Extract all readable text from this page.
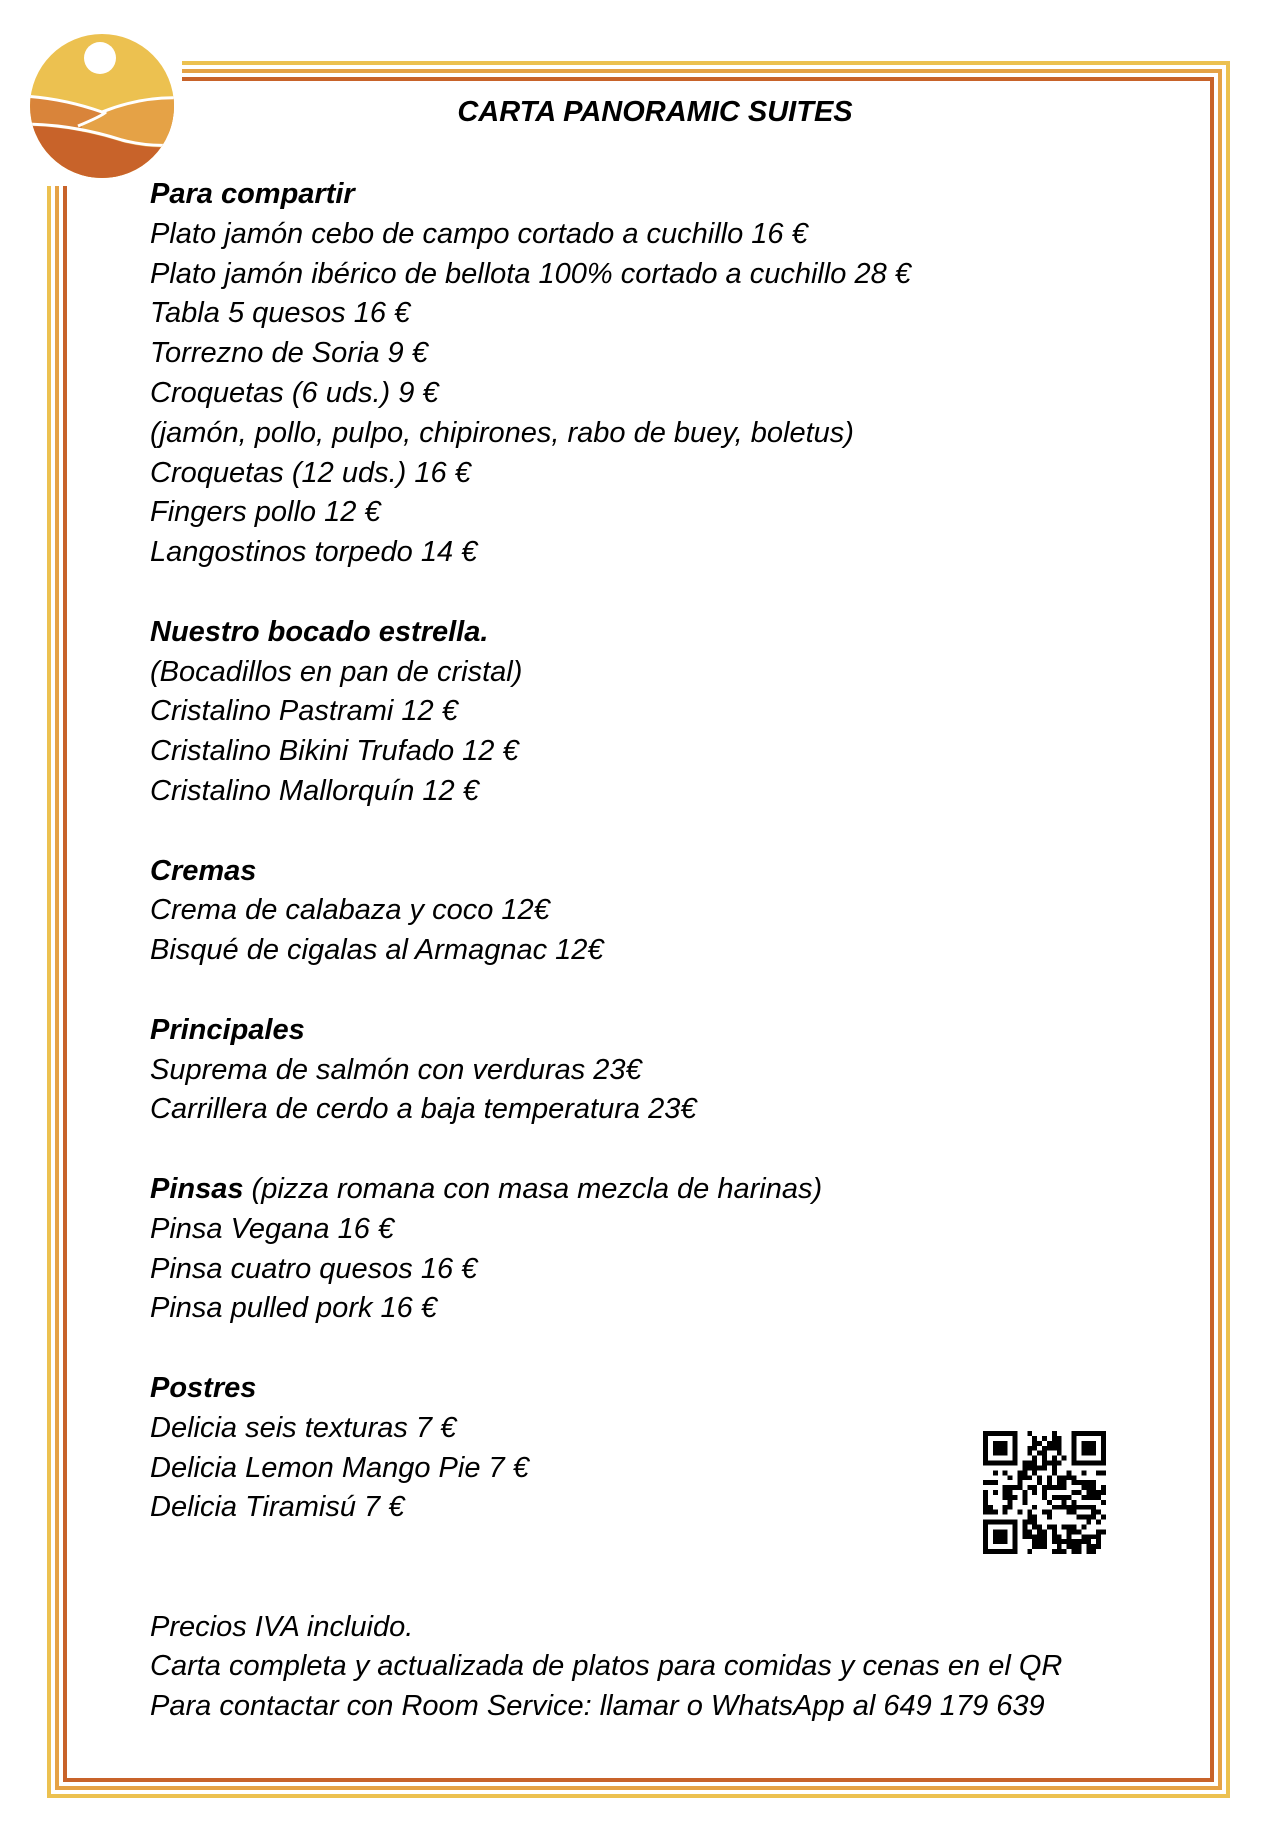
CARTA PANORAMIC SUITES
Para compartir
Plato jamón cebo de campo cortado a cuchillo 16 €
Plato jamón ibérico de bellota 100% cortado a cuchillo 28 €
Tabla 5 quesos 16 €
Torrezno de Soria 9 €
Croquetas (6 uds.) 9 €
(jamón, pollo, pulpo, chipirones, rabo de buey, boletus)
Croquetas (12 uds.) 16 €
Fingers pollo 12 €
Langostinos torpedo 14 €
Nuestro bocado estrella.
(Bocadillos en pan de cristal)
Cristalino Pastrami 12 €
Cristalino Bikini Trufado 12 €
Cristalino Mallorquín 12 €
Cremas
Crema de calabaza y coco 12€
Bisqué de cigalas al Armagnac 12€
Principales
Suprema de salmón con verduras 23€
Carrillera de cerdo a baja temperatura 23€
Pinsas (pizza romana con masa mezcla de harinas)
Pinsa Vegana 16 €
Pinsa cuatro quesos 16 €
Pinsa pulled pork 16 €
Postres
Delicia seis texturas 7 €
Delicia Lemon Mango Pie 7 €
Delicia Tiramisú 7 €
Precios IVA incluido.
Carta completa y actualizada de platos para comidas y cenas en el QR
Para contactar con Room Service: llamar o WhatsApp al 649 179 639
